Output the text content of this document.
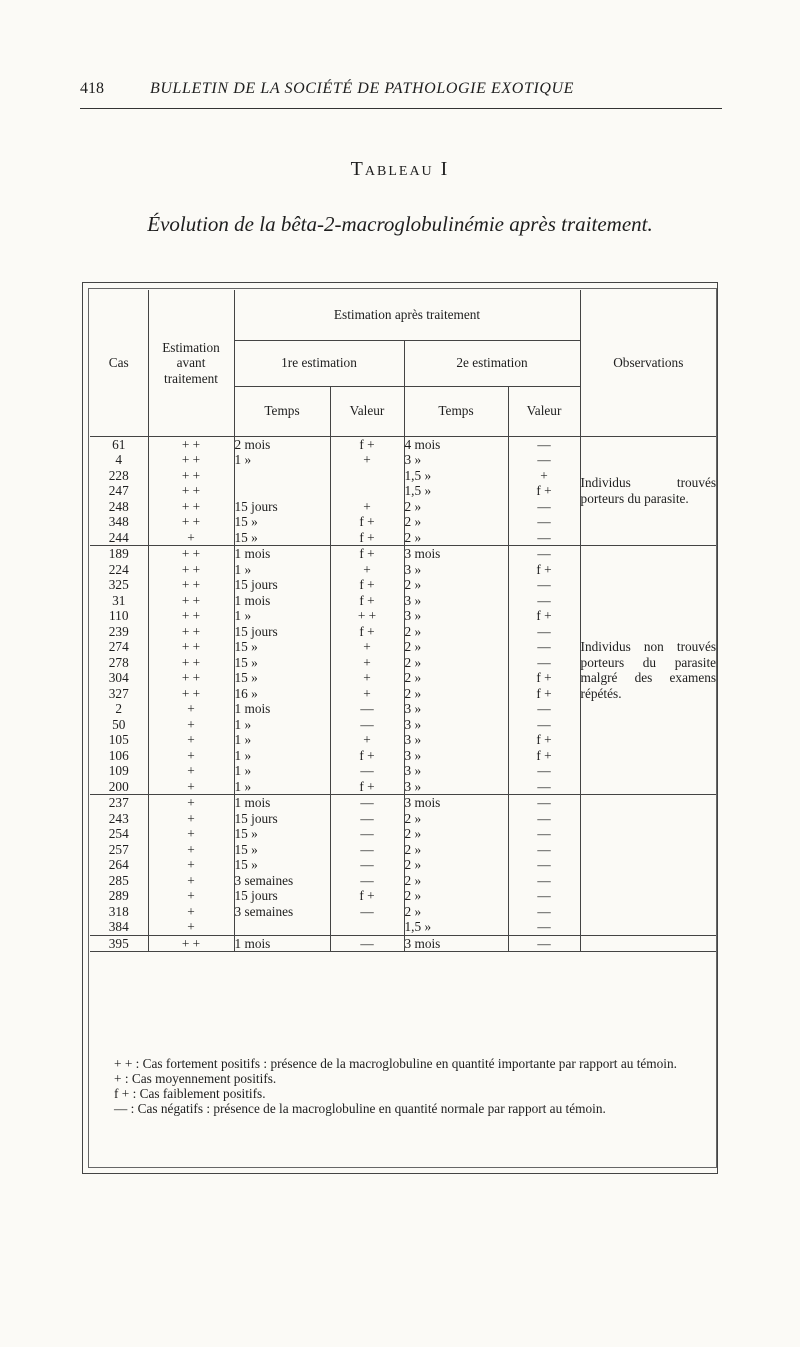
418	BULLETIN DE LA SOCIÉTÉ DE PATHOLOGIE EXOTIQUE
Tableau I
Évolution de la bêta-2-macroglobulinémie après traitement.
Cas	Estimation avant traitement	Estimation après traitement				Observations
		1re estimation		2e estimation		
		Temps	Valeur	Temps	Valeur	
61	+ +	2 mois	f +	4 mois	—	Individus trouvés porteurs du parasite.
4	+ +	1 »	+	3 »	—	
228	+ +			1,5 »	+	
247	+ +			1,5 »	f +	
248	+ +	15 jours	+	2 »	—	
348	+ +	15 »	f +	2 »	—	
244	+	15 »	f +	2 »	—	
189	+ +	1 mois	f +	3 mois	—	Individus non trouvés porteurs du parasite malgré des examens répétés.
224	+ +	1 »	+	3 »	f +	
325	+ +	15 jours	f +	2 »	—	
31	+ +	1 mois	f +	3 »	—	
110	+ +	1 »	+ +	3 »	f +	
239	+ +	15 jours	f +	2 »	—	
274	+ +	15 »	+	2 »	—	
278	+ +	15 »	+	2 »	—	
304	+ +	15 »	+	2 »	f +	
327	+ +	16 »	+	2 »	f +	
2	+	1 mois	—	3 »	—	
50	+	1 »	—	3 »	—	
105	+	1 »	+	3 »	f +	
106	+	1 »	f +	3 »	f +	
109	+	1 »	—	3 »	—	
200	+	1 »	f +	3 »	—	
237	+	1 mois	—	3 mois	—	
243	+	15 jours	—	2 »	—	
254	+	15 »	—	2 »	—	
257	+	15 »	—	2 »	—	
264	+	15 »	—	2 »	—	
285	+	3 semaines	—	2 »	—	
289	+	15 jours	f +	2 »	—	
318	+	3 semaines	—	2 »	—	
384	+			1,5 »	—	
395	+ +	1 mois	—	3 mois	—	

+ + : Cas fortement positifs : présence de la macroglobuline en quantité importante par rapport au témoin.

+ : Cas moyennement positifs.

f + : Cas faiblement positifs.

— : Cas négatifs : présence de la macroglobuline en quantité normale par rapport au témoin.
